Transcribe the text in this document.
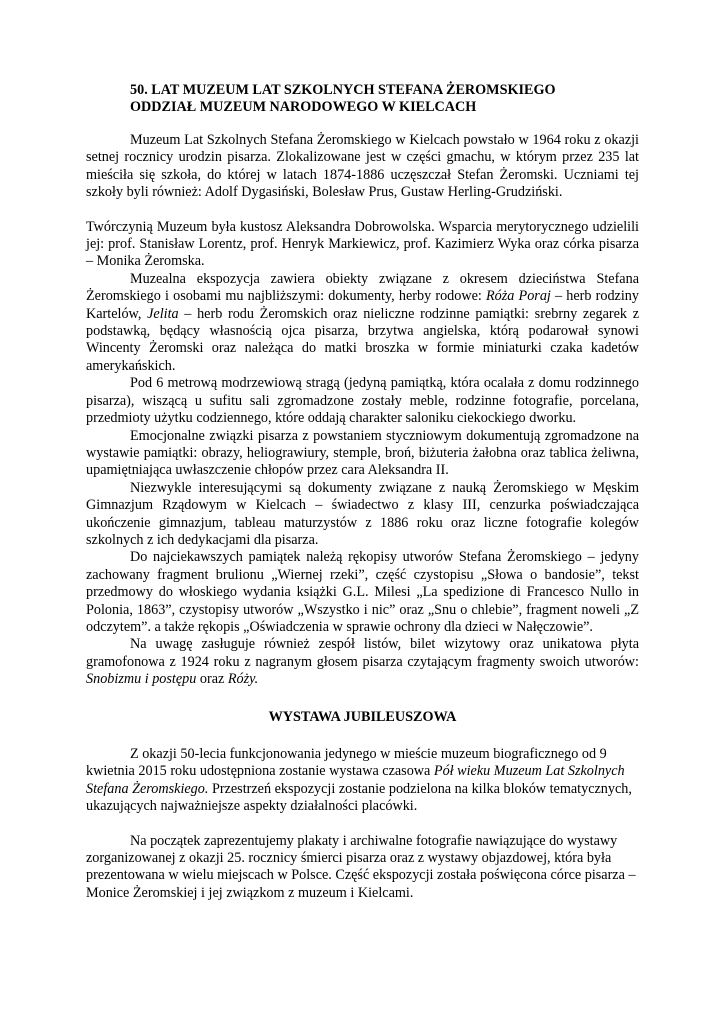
50. LAT MUZEUM LAT SZKOLNYCH STEFANA ŻEROMSKIEGO
ODDZIAŁ MUZEUM NARODOWEGO W KIELCACH

Muzeum Lat Szkolnych Stefana Żeromskiego w Kielcach powstało w 1964 roku z okazji setnej rocznicy urodzin pisarza. Zlokalizowane jest w części gmachu, w którym przez 235 lat mieściła się szkoła, do której w latach 1874-1886 uczęszczał Stefan Żeromski. Uczniami tej szkoły byli również: Adolf Dygasiński, Bolesław Prus, Gustaw Herling-Grudziński.

Twórczynią Muzeum była kustosz Aleksandra Dobrowolska. Wsparcia merytorycznego udzielili jej: prof. Stanisław Lorentz, prof. Henryk Markiewicz, prof. Kazimierz Wyka oraz córka pisarza – Monika Żeromska.

Muzealna ekspozycja zawiera obiekty związane z okresem dzieciństwa Stefana Żeromskiego i osobami mu najbliższymi: dokumenty, herby rodowe: Róża Poraj – herb rodziny Kartelów, Jelita – herb rodu Żeromskich oraz nieliczne rodzinne pamiątki: srebrny zegarek z podstawką, będący własnością ojca pisarza, brzytwa angielska, którą podarował synowi Wincenty Żeromski oraz należąca do matki broszka w formie miniaturki czaka kadetów amerykańskich.

Pod 6 metrową modrzewiową stragą (jedyną pamiątką, która ocalała z domu rodzinnego pisarza), wiszącą u sufitu sali zgromadzone zostały meble, rodzinne fotografie, porcelana, przedmioty użytku codziennego, które oddają charakter saloniku ciekockiego dworku.

Emocjonalne związki pisarza z powstaniem styczniowym dokumentują zgromadzone na wystawie pamiątki: obrazy, heliograwiury, stemple, broń, biżuteria żałobna oraz tablica żeliwna, upamiętniająca uwłaszczenie chłopów przez cara Aleksandra II.

Niezwykle interesującymi są dokumenty związane z nauką Żeromskiego w Męskim Gimnazjum Rządowym w Kielcach – świadectwo z klasy III, cenzurka poświadczająca ukończenie gimnazjum, tableau maturzystów z 1886 roku oraz liczne fotografie kolegów szkolnych z ich dedykacjami dla pisarza.

Do najciekawszych pamiątek należą rękopisy utworów Stefana Żeromskiego – jedyny zachowany fragment brulionu „Wiernej rzeki”, część czystopisu „Słowa o bandosie”, tekst przedmowy do włoskiego wydania książki G.L. Milesi „La spedizione di Francesco Nullo in Polonia, 1863”, czystopisy utworów „Wszystko i nic” oraz „Snu o chlebie”, fragment noweli „Z odczytem”. a także rękopis „Oświadczenia w sprawie ochrony dla dzieci w Nałęczowie”.

Na uwagę zasługuje również zespół listów, bilet wizytowy oraz unikatowa płyta gramofonowa z 1924 roku z nagranym głosem pisarza czytającym fragmenty swoich utworów: Snobizmu i postępu oraz Róży.

WYSTAWA JUBILEUSZOWA

Z okazji 50-lecia funkcjonowania jedynego w mieście muzeum biograficznego od 9 kwietnia 2015 roku udostępniona zostanie wystawa czasowa Pół wieku Muzeum Lat Szkolnych Stefana Żeromskiego. Przestrzeń ekspozycji zostanie podzielona na kilka bloków tematycznych, ukazujących najważniejsze aspekty działalności placówki.

Na początek zaprezentujemy plakaty i archiwalne fotografie nawiązujące do wystawy zorganizowanej z okazji 25. rocznicy śmierci pisarza oraz z wystawy objazdowej, która była prezentowana w wielu miejscach w Polsce. Część ekspozycji została poświęcona córce pisarza – Monice Żeromskiej i jej związkom z muzeum i Kielcami.
